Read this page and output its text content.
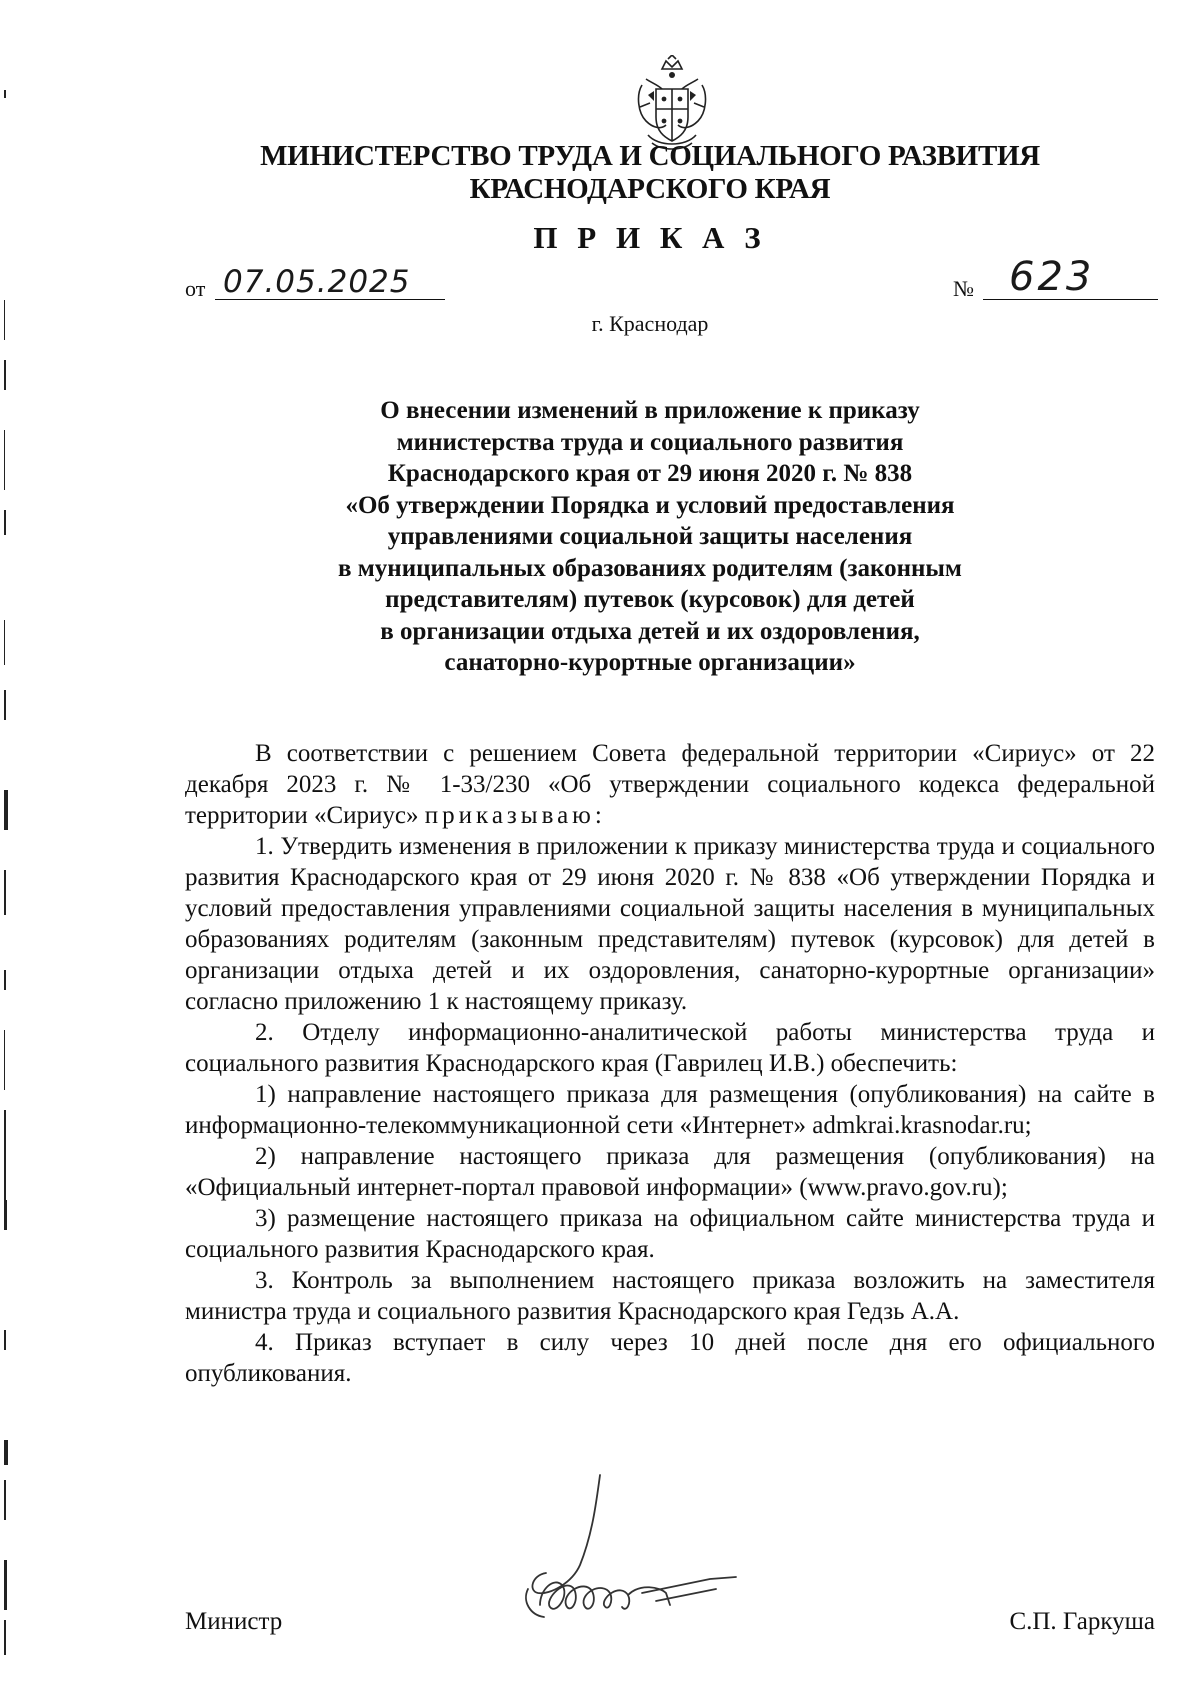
МИНИСТЕРСТВО ТРУДА И СОЦИАЛЬНОГО РАЗВИТИЯ
КРАСНОДАРСКОГО КРАЯ
П Р И К А З
от 07.05.2025	№ 623
г. Краснодар
О внесении изменений в приложение к приказу
министерства труда и социального развития
Краснодарского края от 29 июня 2020 г. № 838
«Об утверждении Порядка и условий предоставления
управлениями социальной защиты населения
в муниципальных образованиях родителям (законным
представителям) путевок (курсовок) для детей
в организации отдыха детей и их оздоровления,
санаторно-курортные организации»

В соответствии с решением Совета федеральной территории «Сириус» от 22 декабря 2023 г. № 1-33/230 «Об утверждении социального кодекса федеральной территории «Сириус» приказываю:

1. Утвердить изменения в приложении к приказу министерства труда и социального развития Краснодарского края от 29 июня 2020 г. № 838 «Об утверждении Порядка и условий предоставления управлениями социальной защиты населения в муниципальных образованиях родителям (законным представителям) путевок (курсовок) для детей в организации отдыха детей и их оздоровления, санаторно-курортные организации» согласно приложению 1 к настоящему приказу.

2. Отделу информационно-аналитической работы министерства труда и социального развития Краснодарского края (Гаврилец И.В.) обеспечить:

1) направление настоящего приказа для размещения (опубликования) на сайте в информационно-телекоммуникационной сети «Интернет» admkrai.krasnodar.ru;

2) направление настоящего приказа для размещения (опубликования) на «Официальный интернет-портал правовой информации» (www.pravo.gov.ru);

3) размещение настоящего приказа на официальном сайте министерства труда и социального развития Краснодарского края.

3. Контроль за выполнением настоящего приказа возложить на заместителя министра труда и социального развития Краснодарского края Гедзь А.А.

4. Приказ вступает в силу через 10 дней после дня его официального опубликования.

Министр	С.П. Гаркуша
